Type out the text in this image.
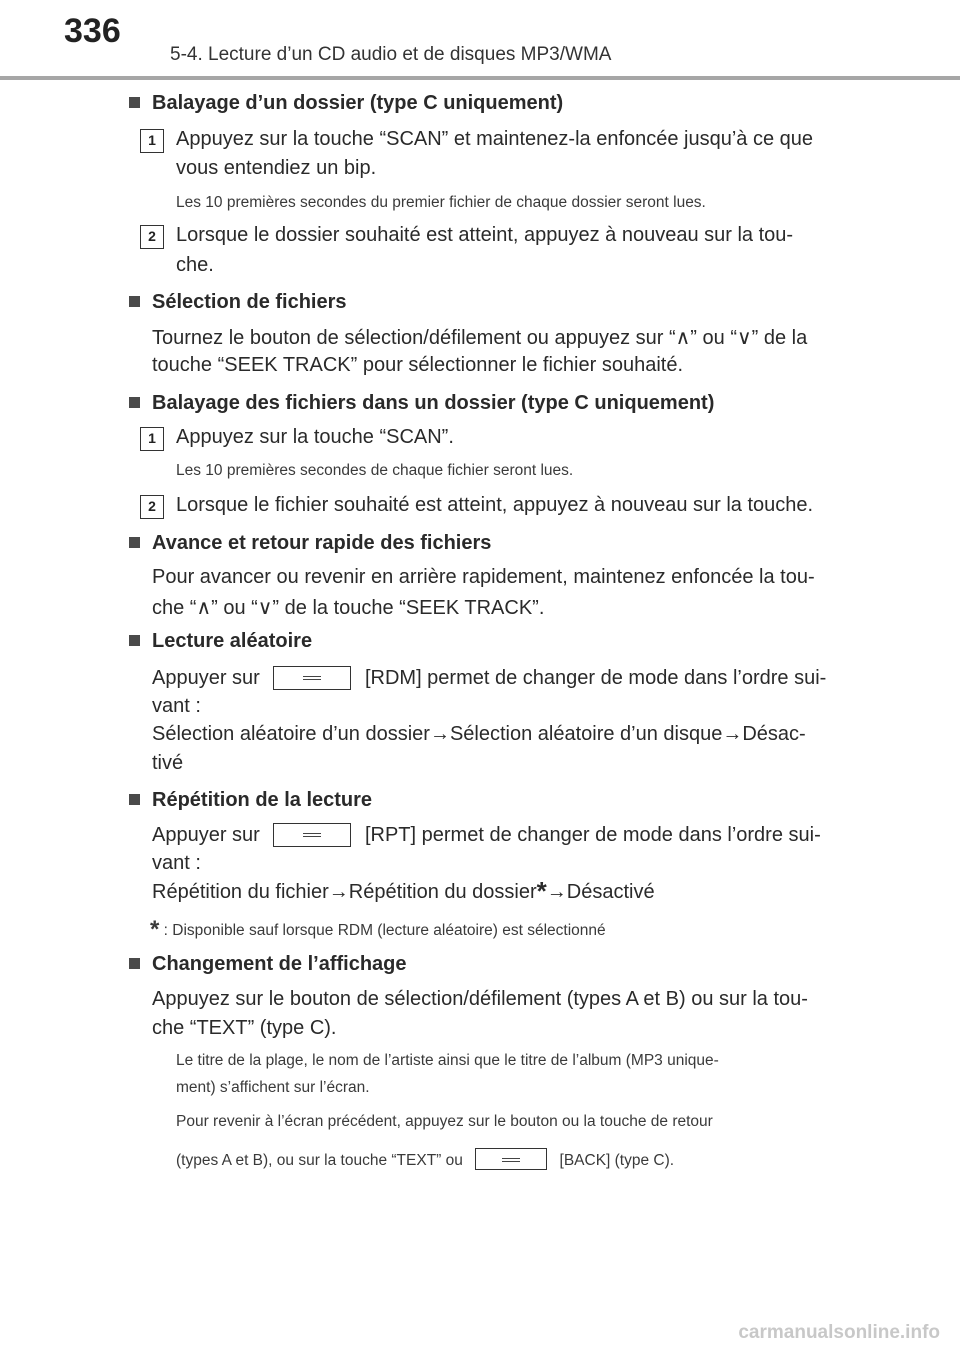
336
5-4. Lecture d’un CD audio et de disques MP3/WMA
Balayage d’un dossier (type C uniquement)
1	Appuyez sur la touche “SCAN” et maintenez-la enfoncée jusqu’à ce que
vous entendiez un bip.
Les 10 premières secondes du premier fichier de chaque dossier seront lues.
2	Lorsque le dossier souhaité est atteint, appuyez à nouveau sur la tou-
che.
Sélection de fichiers
Tournez le bouton de sélection/défilement ou appuyez sur “∧” ou “∨” de la
touche “SEEK TRACK” pour sélectionner le fichier souhaité.
Balayage des fichiers dans un dossier (type C uniquement)
1	Appuyez sur la touche “SCAN”.
Les 10 premières secondes de chaque fichier seront lues.
2	Lorsque le fichier souhaité est atteint, appuyez à nouveau sur la touche.
Avance et retour rapide des fichiers
Pour avancer ou revenir en arrière rapidement, maintenez enfoncée la tou-
che “∧” ou “∨” de la touche “SEEK TRACK”.
Lecture aléatoire
Appuyer sur	[RDM] permet de changer de mode dans l’ordre sui-
vant :
Sélection aléatoire d’un dossier→Sélection aléatoire d’un disque→Désac-
tivé
Répétition de la lecture
Appuyer sur	[RPT] permet de changer de mode dans l’ordre sui-
vant :
Répétition du fichier→Répétition du dossier*→Désactivé
* : Disponible sauf lorsque RDM (lecture aléatoire) est sélectionné
Changement de l’affichage
Appuyez sur le bouton de sélection/défilement (types A et B) ou sur la tou-
che “TEXT” (type C).
Le titre de la plage, le nom de l’artiste ainsi que le titre de l’album (MP3 unique-
ment) s’affichent sur l’écran.
Pour revenir à l’écran précédent, appuyez sur le bouton ou la touche de retour
(types A et B), ou sur la touche “TEXT” ou	[BACK] (type C).
carmanualsonline.info
